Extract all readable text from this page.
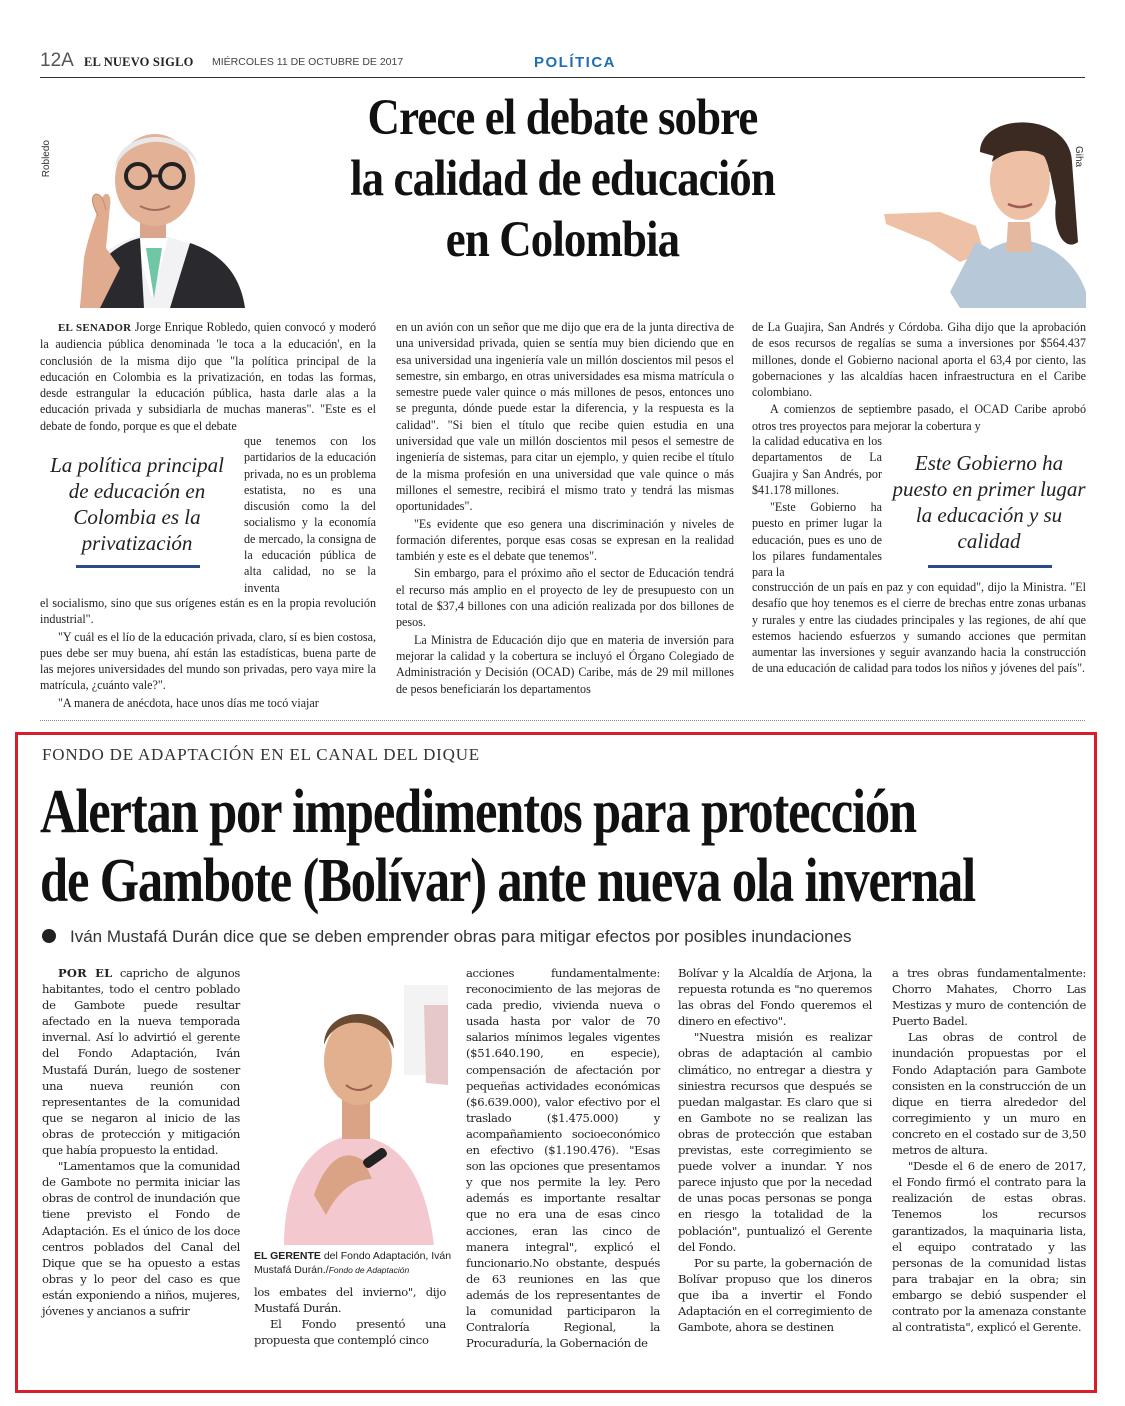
12A EL NUEVO SIGLO MIÉRCOLES 11 DE OCTUBRE DE 2017	POLÍTICA
Robledo	Giha
Crece el debate sobre
la calidad de educación
en Colombia

EL SENADOR Jorge Enrique Robledo, quien convocó y moderó la audiencia pública denominada 'le toca a la educación', en la conclusión de la misma dijo que "la política principal de la educación en Colombia es la privatización, en todas las formas, desde estrangular la educación pública, hasta darle alas a la educación privada y subsidiarla de muchas maneras". "Este es el debate de fondo, porque es que el debate

que tenemos con los partidarios de la educación privada, no es un problema estatista, no es una discusión como la del socialismo y la economía de mercado, la consigna de la educación pública de alta calidad, no se la inventa

La política principal de educación en Colombia es la privatización

el socialismo, sino que sus orígenes están es en la propia revolución industrial".

"Y cuál es el lío de la educación privada, claro, sí es bien costosa, pues debe ser muy buena, ahí están las estadísticas, buena parte de las mejores universidades del mundo son privadas, pero vaya mire la matrícula, ¿cuánto vale?".

"A manera de anécdota, hace unos días me tocó viajar

en un avión con un señor que me dijo que era de la junta directiva de una universidad privada, quien se sentía muy bien diciendo que en esa universidad una ingeniería vale un millón doscientos mil pesos el semestre, sin embargo, en otras universidades esa misma matrícula o semestre puede valer quince o más millones de pesos, entonces uno se pregunta, dónde puede estar la diferencia, y la respuesta es la calidad". "Si bien el título que recibe quien estudia en una universidad que vale un millón doscientos mil pesos el semestre de ingeniería de sistemas, para citar un ejemplo, y quien recibe el título de la misma profesión en una universidad que vale quince o más millones el semestre, recibirá el mismo trato y tendrá las mismas oportunidades".

"Es evidente que eso genera una discriminación y niveles de formación diferentes, porque esas cosas se expresan en la realidad también y este es el debate que tenemos".

Sin embargo, para el próximo año el sector de Educación tendrá el recurso más amplio en el proyecto de ley de presupuesto con un total de $37,4 billones con una adición realizada por dos billones de pesos.

La Ministra de Educación dijo que en materia de inversión para mejorar la calidad y la cobertura se incluyó el Órgano Colegiado de Administración y Decisión (OCAD) Caribe, más de 29 mil millones de pesos beneficiarán los departamentos

de La Guajira, San Andrés y Córdoba. Giha dijo que la aprobación de esos recursos de regalías se suma a inversiones por $564.437 millones, donde el Gobierno nacional aporta el 63,4 por ciento, las gobernaciones y las alcaldías hacen infraestructura en el Caribe colombiano.

A comienzos de septiembre pasado, el OCAD Caribe aprobó otros tres proyectos para mejorar la cobertura y

la calidad educativa en los departamentos de La Guajira y San Andrés, por $41.178 millones.

"Este Gobierno ha puesto en primer lugar la educación, pues es uno de los pilares fundamentales para la

Este Gobierno ha puesto en primer lugar la educación y su calidad

construcción de un país en paz y con equidad", dijo la Ministra. "El desafío que hoy tenemos es el cierre de brechas entre zonas urbanas y rurales y entre las ciudades principales y las regiones, de ahí que estemos haciendo esfuerzos y sumando acciones que permitan aumentar las inversiones y seguir avanzando hacia la construcción de una educación de calidad para todos los niños y jóvenes del país".

FONDO DE ADAPTACIÓN EN EL CANAL DEL DIQUE
Alertan por impedimentos para protección
de Gambote (Bolívar) ante nueva ola invernal
Iván Mustafá Durán dice que se deben emprender obras para mitigar efectos por posibles inundaciones

POR EL capricho de algunos habitantes, todo el centro poblado de Gambote puede resultar afectado en la nueva temporada invernal. Así lo advirtió el gerente del Fondo Adaptación, Iván Mustafá Durán, luego de sostener una nueva reunión con representantes de la comunidad que se negaron al inicio de las obras de protección y mitigación que había propuesto la entidad.

"Lamentamos que la comunidad de Gambote no permita iniciar las obras de control de inundación que tiene previsto el Fondo de Adaptación. Es el único de los doce centros poblados del Canal del Dique que se ha opuesto a estas obras y lo peor del caso es que están exponiendo a niños, mujeres, jóvenes y ancianos a sufrir

EL GERENTE del Fondo Adaptación, Iván Mustafá Durán./Fondo de Adaptación

los embates del invierno", dijo Mustafá Durán.

El Fondo presentó una propuesta que contempló cinco

acciones fundamentalmente: reconocimiento de las mejoras de cada predio, vivienda nueva o usada hasta por valor de 70 salarios mínimos legales vigentes ($51.640.190, en especie), compensación de afectación por pequeñas actividades económicas ($6.639.000), valor efectivo por el traslado ($1.475.000) y acompañamiento socioeconómico en efectivo ($1.190.476). "Esas son las opciones que presentamos y que nos permite la ley. Pero además es importante resaltar que no era una de esas cinco acciones, eran las cinco de manera integral", explicó el funcionario.No obstante, después de 63 reuniones en las que además de los representantes de la comunidad participaron la Contraloría Regional, la Procuraduría, la Gobernación de

Bolívar y la Alcaldía de Arjona, la repuesta rotunda es "no queremos las obras del Fondo queremos el dinero en efectivo".

"Nuestra misión es realizar obras de adaptación al cambio climático, no entregar a diestra y siniestra recursos que después se puedan malgastar. Es claro que si en Gambote no se realizan las obras de protección que estaban previstas, este corregimiento se puede volver a inundar. Y nos parece injusto que por la necedad de unas pocas personas se ponga en riesgo la totalidad de la población", puntualizó el Gerente del Fondo.

Por su parte, la gobernación de Bolívar propuso que los dineros que iba a invertir el Fondo Adaptación en el corregimiento de Gambote, ahora se destinen

a tres obras fundamentalmente: Chorro Mahates, Chorro Las Mestizas y muro de contención de Puerto Badel.

Las obras de control de inundación propuestas por el Fondo Adaptación para Gambote consisten en la construcción de un dique en tierra alrededor del corregimiento y un muro en concreto en el costado sur de 3,50 metros de altura.

"Desde el 6 de enero de 2017, el Fondo firmó el contrato para la realización de estas obras. Tenemos los recursos garantizados, la maquinaria lista, el equipo contratado y las personas de la comunidad listas para trabajar en la obra; sin embargo se debió suspender el contrato por la amenaza constante al contratista", explicó el Gerente.
